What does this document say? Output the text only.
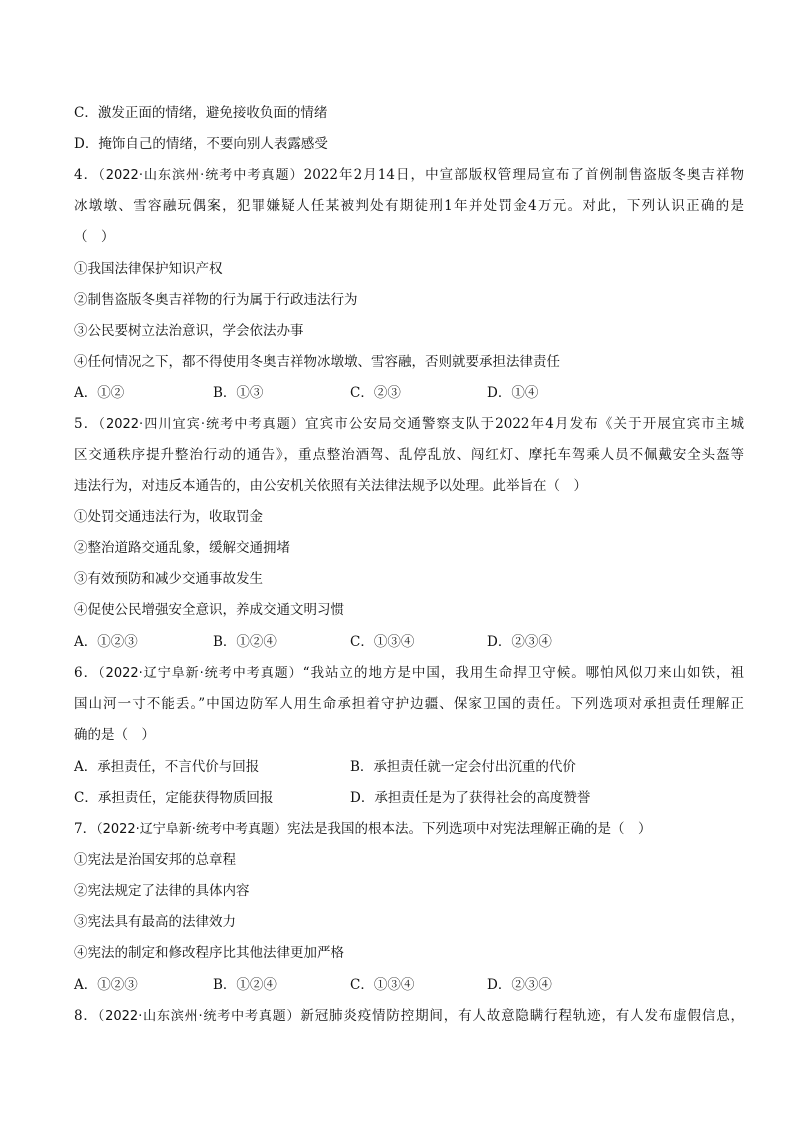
C．激发正面的情绪，避免接收负面的情绪
D．掩饰自己的情绪，不要向别人表露感受
4．（2022·山东滨州·统考中考真题）2022年2月14日，中宣部版权管理局宣布了首例制售盗版冬奥吉祥物
冰墩墩、雪容融玩偶案，犯罪嫌疑人任某被判处有期徒刑1年并处罚金4万元。对此，下列认识正确的是
（　）
①我国法律保护知识产权
②制售盗版冬奥吉祥物的行为属于行政违法行为
③公民要树立法治意识，学会依法办事
④任何情况之下，都不得使用冬奥吉祥物冰墩墩、雪容融，否则就要承担法律责任
A．①②	B．①③	C．②③	D．①④
5．（2022·四川宜宾·统考中考真题）宜宾市公安局交通警察支队于2022年4月发布《关于开展宜宾市主城
区交通秩序提升整治行动的通告》，重点整治酒驾、乱停乱放、闯红灯、摩托车驾乘人员不佩戴安全头盔等
违法行为，对违反本通告的，由公安机关依照有关法律法规予以处理。此举旨在（　）
①处罚交通违法行为，收取罚金
②整治道路交通乱象，缓解交通拥堵
③有效预防和减少交通事故发生
④促使公民增强安全意识，养成交通文明习惯
A．①②③	B．①②④	C．①③④	D．②③④
6．（2022·辽宁阜新·统考中考真题）“我站立的地方是中国，我用生命捍卫守候。哪怕风似刀来山如铁，祖
国山河一寸不能丢。”中国边防军人用生命承担着守护边疆、保家卫国的责任。下列选项对承担责任理解正
确的是（　）
A．承担责任，不言代价与回报	B．承担责任就一定会付出沉重的代价
C．承担责任，定能获得物质回报	D．承担责任是为了获得社会的高度赞誉
7．（2022·辽宁阜新·统考中考真题）宪法是我国的根本法。下列选项中对宪法理解正确的是（　）
①宪法是治国安邦的总章程
②宪法规定了法律的具体内容
③宪法具有最高的法律效力
④宪法的制定和修改程序比其他法律更加严格
A．①②③	B．①②④	C．①③④	D．②③④
8．（2022·山东滨州·统考中考真题）新冠肺炎疫情防控期间，有人故意隐瞒行程轨迹，有人发布虚假信息，
